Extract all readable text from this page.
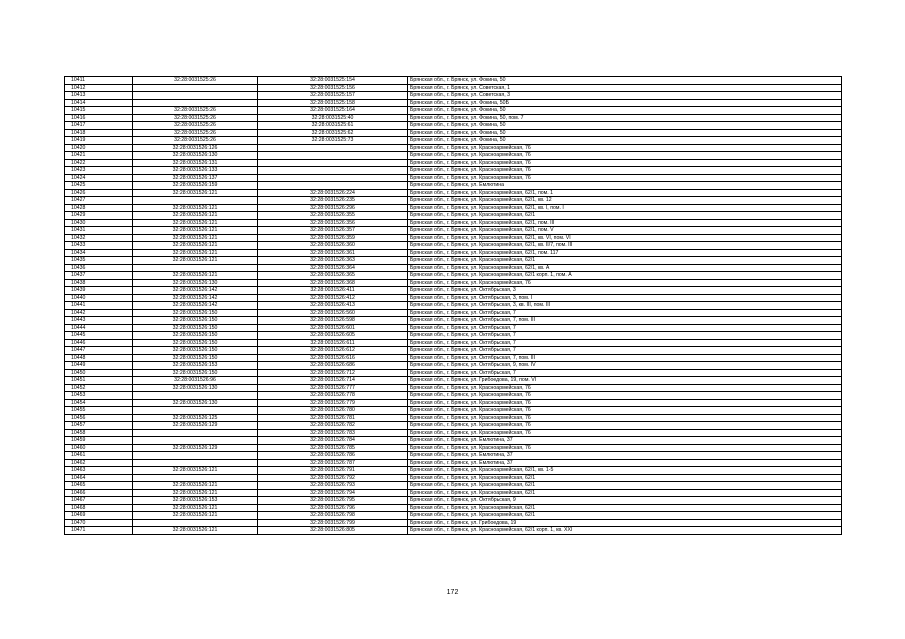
10411	32:28:0031525:26	32:28:0031525:154	Брянская обл., г. Брянск, ул. Фокина, 50
10412		32:28:0031525:156	Брянская обл., г. Брянск, ул. Советская, 1
10413		32:28:0031525:157	Брянская обл., г. Брянск, ул. Советская, 3
10414		32:28:0031525:158	Брянская обл., г. Брянск, ул. Фокина, 50Б
10415	32:28:0031525:26	32:28:0031525:164	Брянская обл., г. Брянск, ул. Фокина, 50
10416	32:28:0031525:26	32:28:0031525:40	Брянская обл., г. Брянск, ул. Фокина, 50, пом. 7
10417	32:28:0031525:26	32:28:0031525:61	Брянская обл., г. Брянск, ул. Фокина, 50
10418	32:28:0031525:26	32:28:0031525:62	Брянская обл., г. Брянск, ул. Фокина, 50
10419	32:28:0031525:26	32:28:0031525:73	Брянская обл., г. Брянск, ул. Фокина, 50
10420	32:28:0031526:126		Брянская обл., г. Брянск, ул. Красноармейская, 76
10421	32:28:0031526:130		Брянская обл., г. Брянск, ул. Красноармейская, 76
10422	32:28:0031526:131		Брянская обл., г. Брянск, ул. Красноармейская, 76
10423	32:28:0031526:133		Брянская обл., г. Брянск, ул. Красноармейская, 76
10424	32:28:0031526:137		Брянская обл., г. Брянск, ул. Красноармейская, 76
10425	32:28:0031526:159		Брянская обл., г. Брянск, ул. Емлютина
10426	32:28:0031526:121	32:28:0031526:224	Брянская обл., г. Брянск, ул. Красноармейская, 62/1, пом. 1
10427		32:28:0031526:235	Брянская обл., г. Брянск, ул. Красноармейская, 62/1, кв. 12
10428	32:28:0031526:121	32:28:0031526:296	Брянская обл., г. Брянск, ул. Красноармейская, 62/1, кв. I, пом. I
10429	32:28:0031526:121	32:28:0031526:355	Брянская обл., г. Брянск, ул. Красноармейская, 62/1
10430	32:28:0031526:121	32:28:0031526:356	Брянская обл., г. Брянск, ул. Красноармейская, 62/1, пом. III
10431	32:28:0031526:121	32:28:0031526:357	Брянская обл., г. Брянск, ул. Красноармейская, 62/1, пом. V
10432	32:28:0031526:121	32:28:0031526:359	Брянская обл., г. Брянск, ул. Красноармейская, 62/1, кв. VI, пом. VI
10433	32:28:0031526:121	32:28:0031526:360	Брянская обл., г. Брянск, ул. Красноармейская, 62/1, кв. II/7, пом. III
10434	32:28:0031526:121	32:28:0031526:361	Брянская обл., г. Брянск, ул. Красноармейская, 62/1, пом. 117
10435	32:28:0031526:121	32:28:0031526:363	Брянская обл., г. Брянск, ул. Красноармейская, 62/1
10436		32:28:0031526:364	Брянская обл., г. Брянск, ул. Красноармейская, 62/1, кв. А
10437	32:28:0031526:121	32:28:0031526:365	Брянская обл., г. Брянск, ул. Красноармейская, 62/1 корп. 1, пом. А
10438	32:28:0031526:130	32:28:0031526:368	Брянская обл., г. Брянск, ул. Красноармейская, 76
10439	32:28:0031526:142	32:28:0031526:411	Брянская обл., г. Брянск, ул. Октябрьская, 3
10440	32:28:0031526:142	32:28:0031526:412	Брянская обл., г. Брянск, ул. Октябрьская, 3, пом. I
10441	32:28:0031526:142	32:28:0031526:413	Брянская обл., г. Брянск, ул. Октябрьская, 3, кв. III, пом. III
10442	32:28:0031526:150	32:28:0031526:560	Брянская обл., г. Брянск, ул. Октябрьская, 7
10443	32:28:0031526:150	32:28:0031526:598	Брянская обл., г. Брянск, ул. Октябрьская, 7, пом. III
10444	32:28:0031526:150	32:28:0031526:601	Брянская обл., г. Брянск, ул. Октябрьская, 7
10445	32:28:0031526:150	32:28:0031526:605	Брянская обл., г. Брянск, ул. Октябрьская, 7
10446	32:28:0031526:150	32:28:0031526:611	Брянская обл., г. Брянск, ул. Октябрьская, 7
10447	32:28:0031526:150	32:28:0031526:612	Брянская обл., г. Брянск, ул. Октябрьская, 7
10448	32:28:0031526:150	32:28:0031526:616	Брянская обл., г. Брянск, ул. Октябрьская, 7, пом. III
10449	32:28:0031526:153	32:28:0031526:686	Брянская обл., г. Брянск, ул. Октябрьская, 9, пом. IV
10450	32:28:0031526:150	32:28:0031526:712	Брянская обл., г. Брянск, ул. Октябрьская, 7
10451	32:28:0031526:96	32:28:0031526:714	Брянская обл., г. Брянск, ул. Грибоедова, 19, пом. VI
10452	32:28:0031526:130	32:28:0031526:777	Брянская обл., г. Брянск, ул. Красноармейская, 76
10453		32:28:0031526:778	Брянская обл., г. Брянск, ул. Красноармейская, 76
10454	32:28:0031526:130	32:28:0031526:779	Брянская обл., г. Брянск, ул. Красноармейская, 76
10455		32:28:0031526:780	Брянская обл., г. Брянск, ул. Красноармейская, 76
10456	32:28:0031526:125	32:28:0031526:781	Брянская обл., г. Брянск, ул. Красноармейская, 76
10457	32:28:0031526:129	32:28:0031526:782	Брянская обл., г. Брянск, ул. Красноармейская, 76
10458		32:28:0031526:783	Брянская обл., г. Брянск, ул. Красноармейская, 76
10459		32:28:0031526:784	Брянская обл., г. Брянск, ул. Емлютина, 37
10460	32:28:0031526:129	32:28:0031526:785	Брянская обл., г. Брянск, ул. Красноармейская, 76
10461		32:28:0031526:786	Брянская обл., г. Брянск, ул. Емлютина, 37
10462		32:28:0031526:787	Брянская обл., г. Брянск, ул. Емлютина, 37
10463	32:28:0031526:121	32:28:0031526:791	Брянская обл., г. Брянск, ул. Красноармейская, 62/1, кв. 1-5
10464		32:28:0031526:792	Брянская обл., г. Брянск, ул. Красноармейская, 62/1
10465	32:28:0031526:121	32:28:0031526:793	Брянская обл., г. Брянск, ул. Красноармейская, 62/1
10466	32:28:0031526:121	32:28:0031526:794	Брянская обл., г. Брянск, ул. Красноармейская, 62/1
10467	32:28:0031526:153	32:28:0031526:795	Брянская обл., г. Брянск, ул. Октябрьская, 9
10468	32:28:0031526:121	32:28:0031526:796	Брянская обл., г. Брянск, ул. Красноармейская, 62/1
10469	32:28:0031526:121	32:28:0031526:798	Брянская обл., г. Брянск, ул. Красноармейская, 62/1
10470		32:28:0031526:799	Брянская обл., г. Брянск, ул. Грибоедова, 19
10471	32:28:0031526:121	32:28:0031526:805	Брянская обл., г. Брянск, ул. Красноармейская, 62/1 корп. 1, кв. XXI
172
